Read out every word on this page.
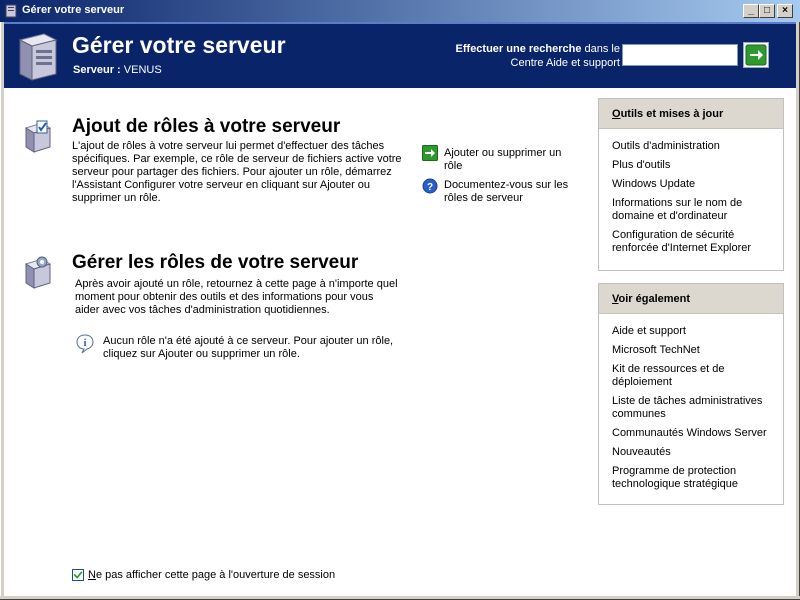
Gérer votre serveur	_	□	×
Gérer votre serveur
Serveur : VENUS
Effectuer une recherche dans le
Centre Aide et support
Ajout de rôles à votre serveur
L'ajout de rôles à votre serveur lui permet d'effectuer des tâches spécifiques. Par exemple, ce rôle de serveur de fichiers active votre serveur pour partager des fichiers. Pour ajouter un rôle, démarrez l'Assistant Configurer votre serveur en cliquant sur Ajouter ou supprimer un rôle.
Ajouter ou supprimer un rôle
? Documentez-vous sur les rôles de serveur
Gérer les rôles de votre serveur
Après avoir ajouté un rôle, retournez à cette page à n'importe quel moment pour obtenir des outils et des informations pour vous aider avec vos tâches d'administration quotidiennes.
i Aucun rôle n'a été ajouté à ce serveur. Pour ajouter un rôle, cliquez sur Ajouter ou supprimer un rôle.
Outils et mises à jour
Outils d'administration
Plus d'outils
Windows Update
Informations sur le nom de domaine et d'ordinateur
Configuration de sécurité renforcée d'Internet Explorer
Voir également
Aide et support
Microsoft TechNet
Kit de ressources et de déploiement
Liste de tâches administratives communes
Communautés Windows Server
Nouveautés
Programme de protection technologique stratégique
Ne pas afficher cette page à l'ouverture de session
